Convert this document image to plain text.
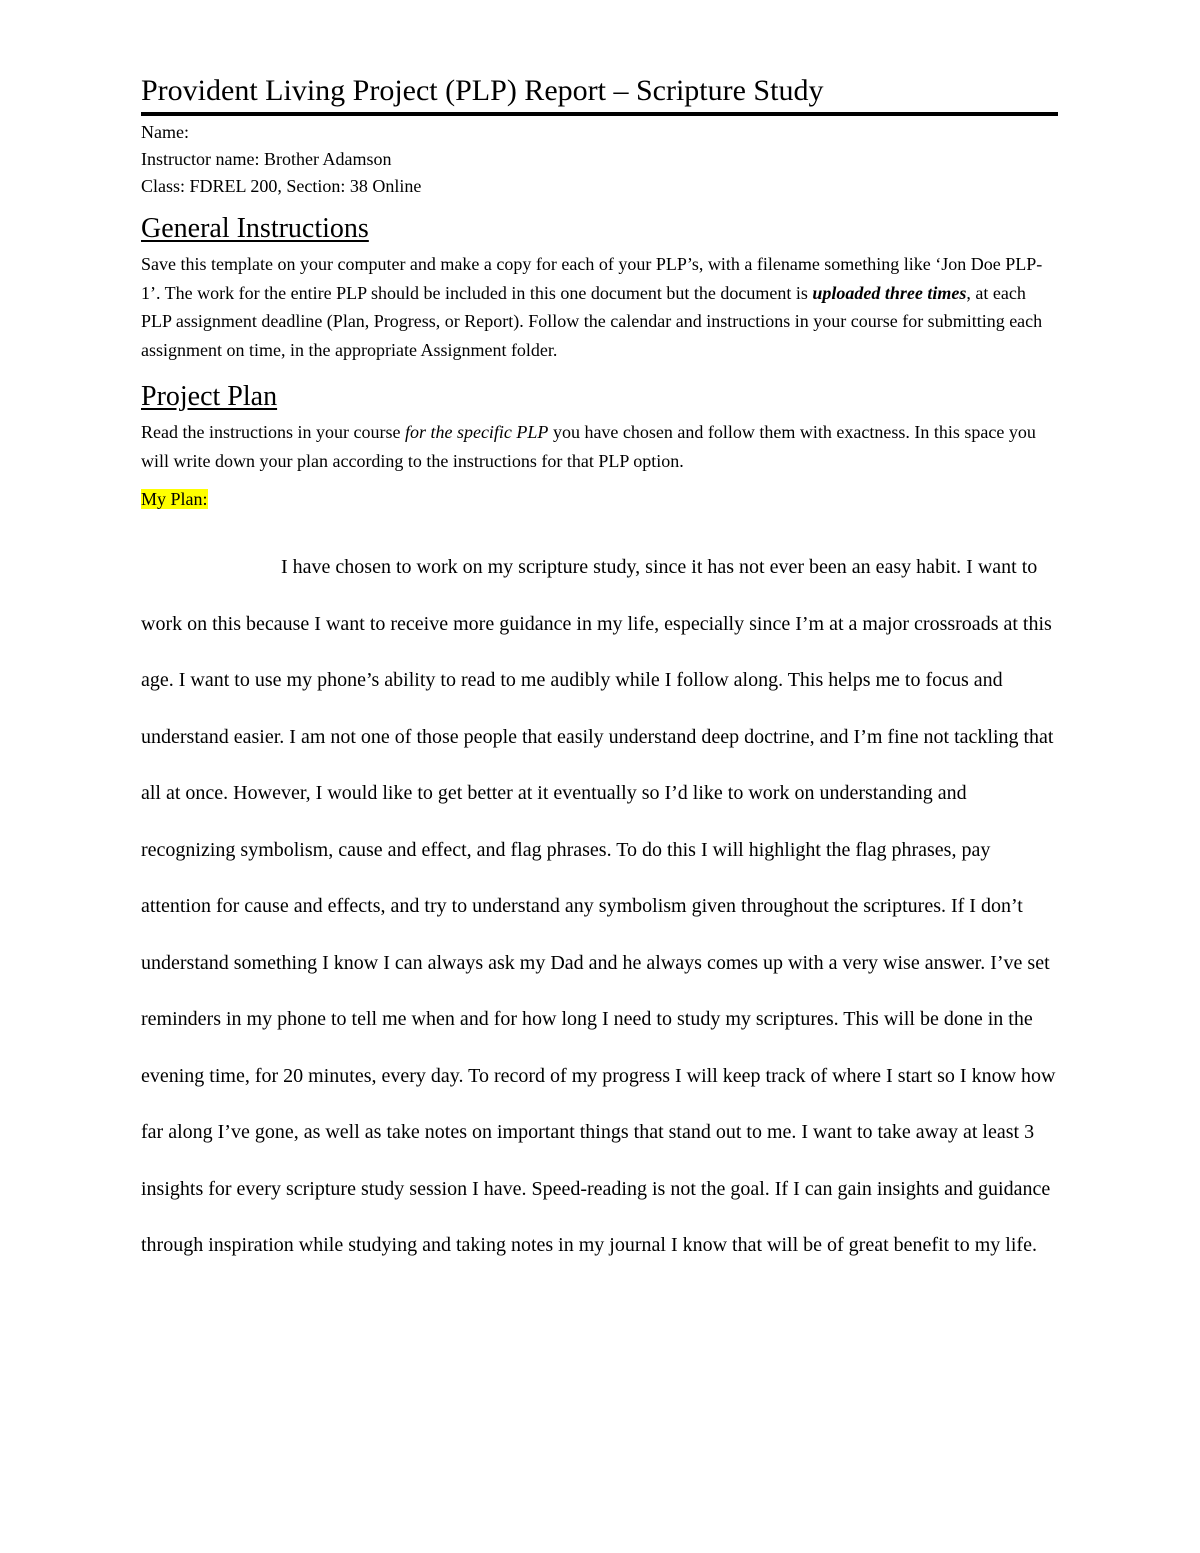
Provident Living Project (PLP) Report – Scripture Study
Name:
Instructor name: Brother Adamson
Class: FDREL 200, Section: 38 Online
General Instructions

Save this template on your computer and make a copy for each of your PLP’s, with a filename something like ‘Jon Doe PLP-1’. The work for the entire PLP should be included in this one document but the document is uploaded three times, at each PLP assignment deadline (Plan, Progress, or Report). Follow the calendar and instructions in your course for submitting each assignment on time, in the appropriate Assignment folder.

Project Plan

Read the instructions in your course for the specific PLP you have chosen and follow them with exactness. In this space you will write down your plan according to the instructions for that PLP option.

My Plan:

I have chosen to work on my scripture study, since it has not ever been an easy habit. I want to work on this because I want to receive more guidance in my life, especially since I’m at a major crossroads at this age. I want to use my phone’s ability to read to me audibly while I follow along. This helps me to focus and understand easier. I am not one of those people that easily understand deep doctrine, and I’m fine not tackling that all at once. However, I would like to get better at it eventually so I’d like to work on understanding and recognizing symbolism, cause and effect, and flag phrases. To do this I will highlight the flag phrases, pay attention for cause and effects, and try to understand any symbolism given throughout the scriptures. If I don’t understand something I know I can always ask my Dad and he always comes up with a very wise answer. I’ve set reminders in my phone to tell me when and for how long I need to study my scriptures. This will be done in the evening time, for 20 minutes, every day. To record of my progress I will keep track of where I start so I know how far along I’ve gone, as well as take notes on important things that stand out to me. I want to take away at least 3 insights for every scripture study session I have. Speed-reading is not the goal. If I can gain insights and guidance through inspiration while studying and taking notes in my journal I know that will be of great benefit to my life.
